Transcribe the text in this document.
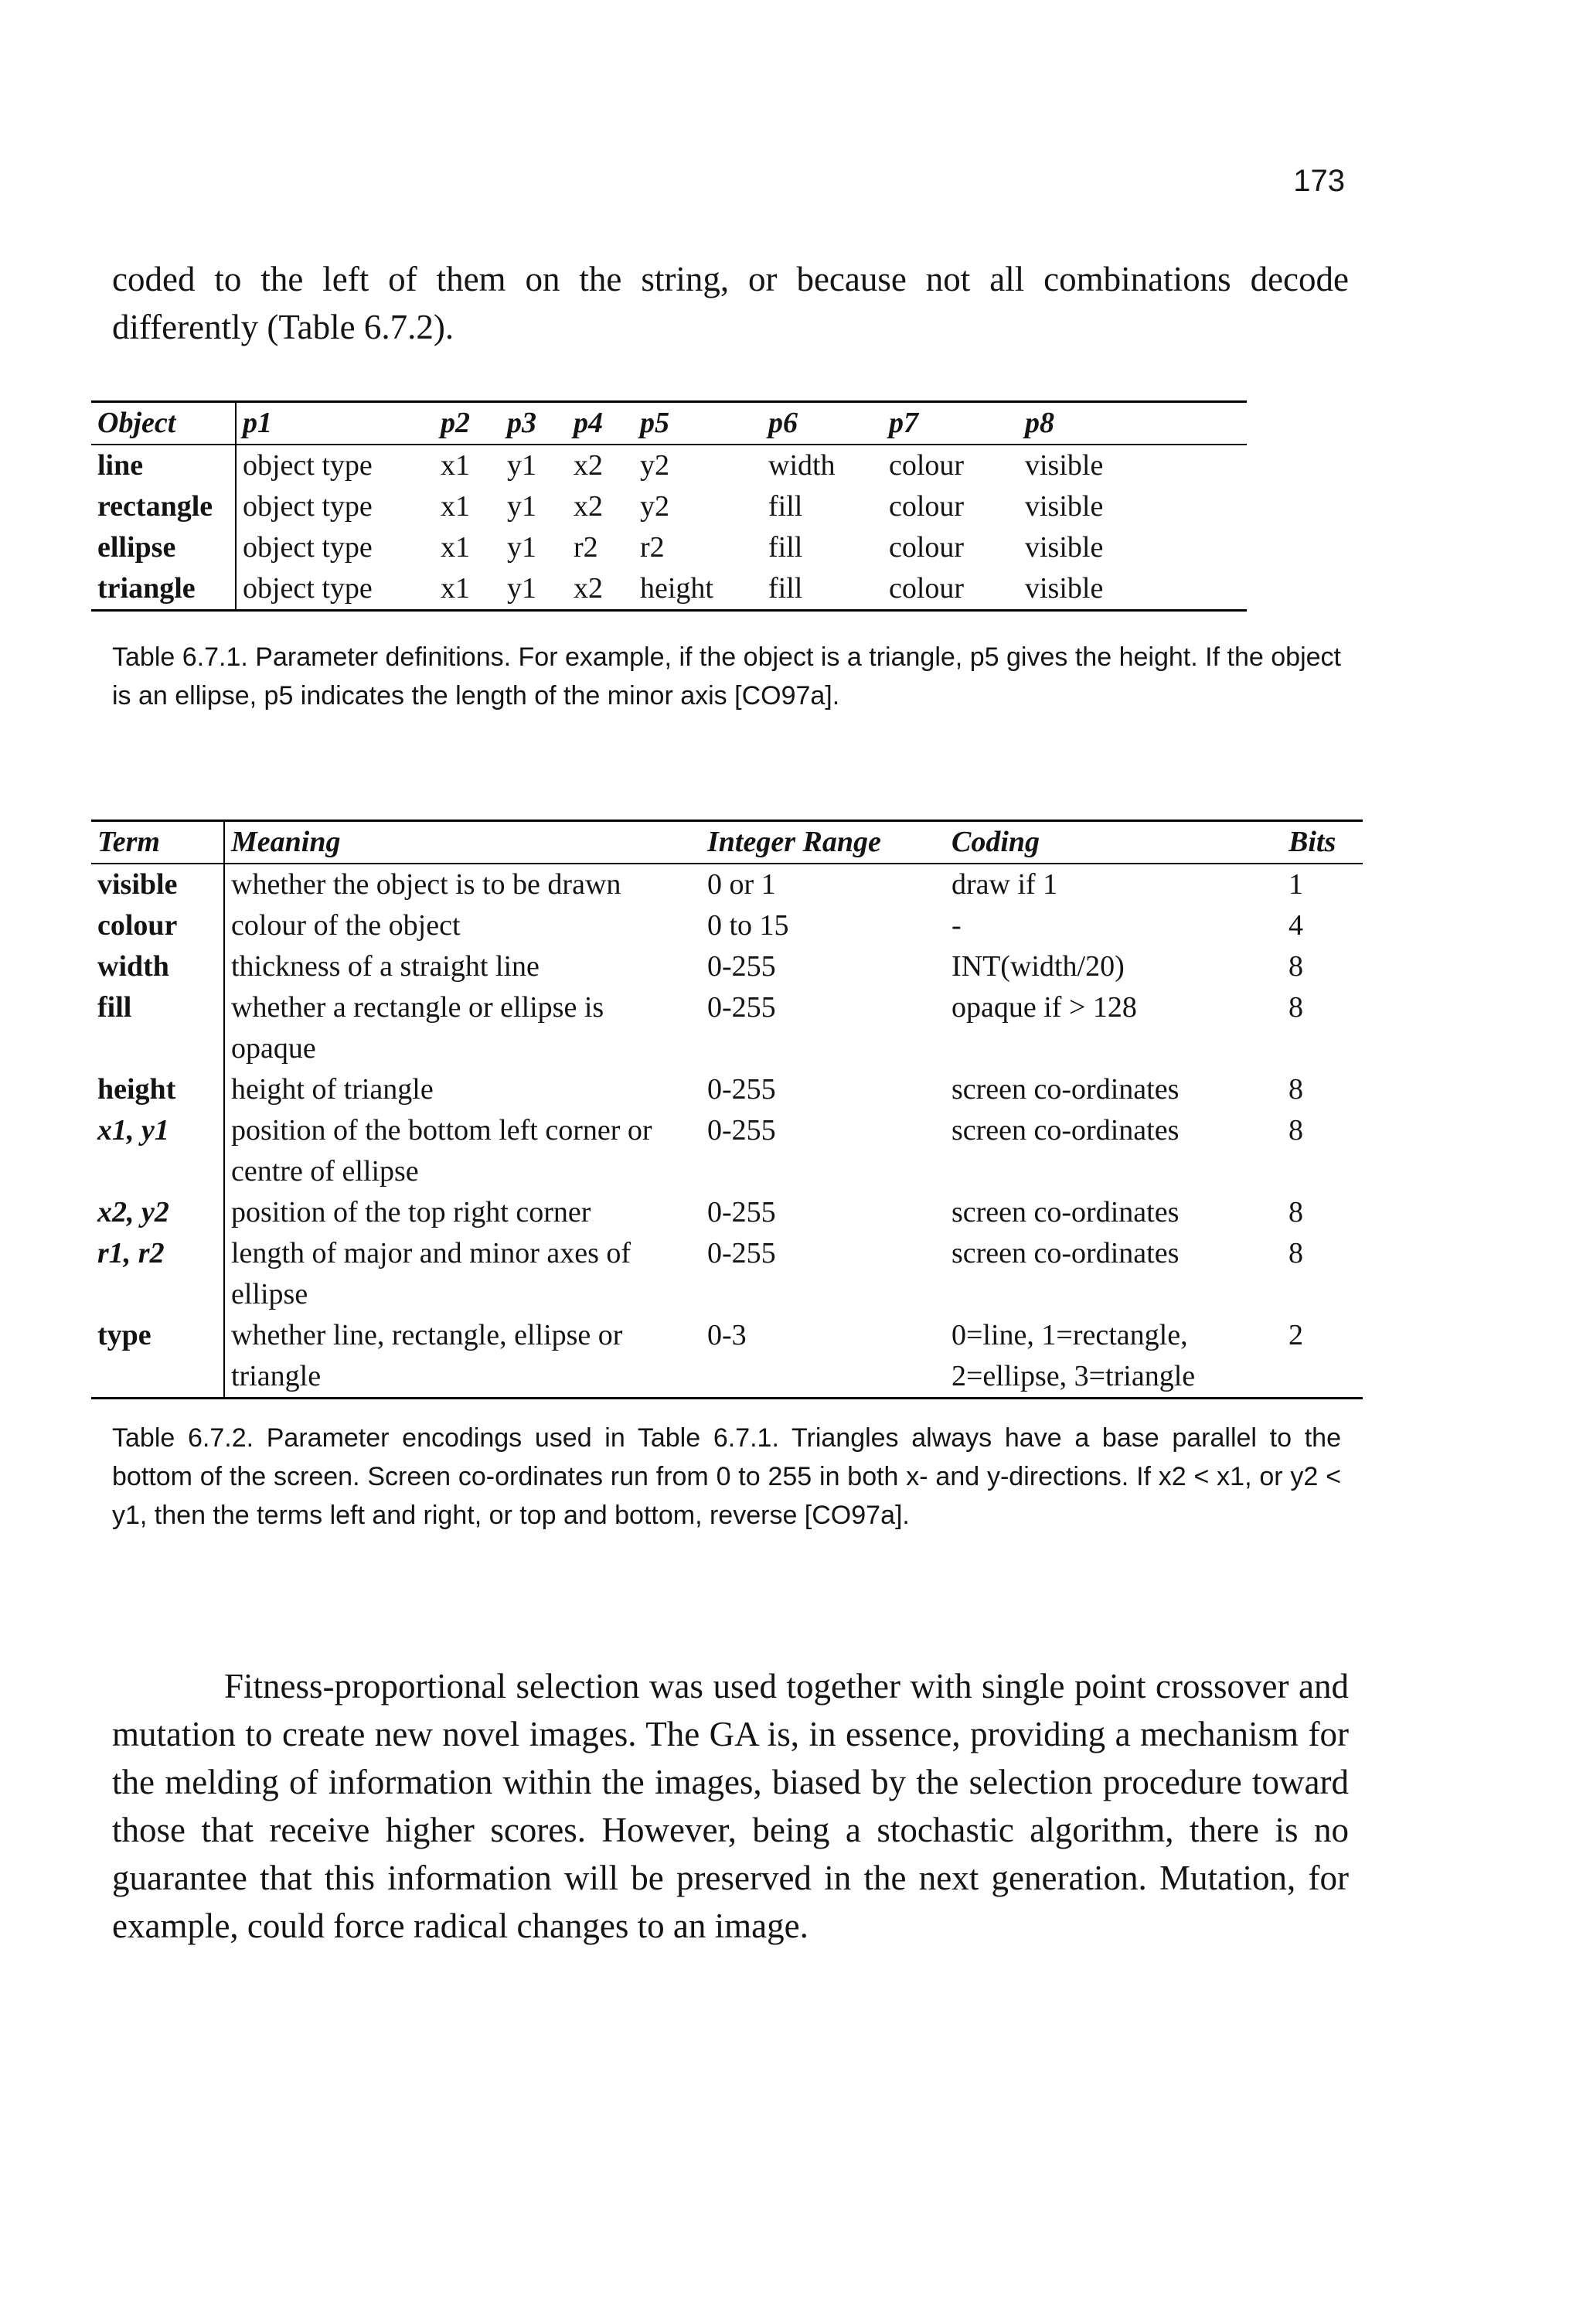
173
coded to the left of them on the string, or because not all combinations decode differently (Table 6.7.2).
Object	p1	p2	p3	p4	p5	p6	p7	p8
line	object type	x1	y1	x2	y2	width	colour	visible
rectangle	object type	x1	y1	x2	y2	fill	colour	visible
ellipse	object type	x1	y1	r2	r2	fill	colour	visible
triangle	object type	x1	y1	x2	height	fill	colour	visible
Table 6.7.1. Parameter definitions. For example, if the object is a triangle, p5 gives the height. If the object is an ellipse, p5 indicates the length of the minor axis [CO97a].
Term	Meaning	Integer Range	Coding	Bits
visible	whether the object is to be drawn	0 or 1	draw if 1	1
colour	colour of the object	0 to 15	-	4
width	thickness of a straight line	0-255	INT(width/20)	8
fill	whether a rectangle or ellipse is opaque	0-255	opaque if > 128	8
height	height of triangle	0-255	screen co-ordinates	8
x1, y1	position of the bottom left corner or centre of ellipse	0-255	screen co-ordinates	8
x2, y2	position of the top right corner	0-255	screen co-ordinates	8
r1, r2	length of major and minor axes of ellipse	0-255	screen co-ordinates	8
type	whether line, rectangle, ellipse or triangle	0-3	0=line, 1=rectangle, 2=ellipse, 3=triangle	2
Table 6.7.2. Parameter encodings used in Table 6.7.1. Triangles always have a base parallel to the bottom of the screen. Screen co-ordinates run from 0 to 255 in both x- and y-directions. If x2 < x1, or y2 < y1, then the terms left and right, or top and bottom, reverse [CO97a].

Fitness-proportional selection was used together with single point crossover and mutation to create new novel images. The GA is, in essence, providing a mechanism for the melding of information within the images, biased by the selection procedure toward those that receive higher scores. However, being a stochastic algorithm, there is no guarantee that this information will be preserved in the next generation. Mutation, for example, could force radical changes to an image.
